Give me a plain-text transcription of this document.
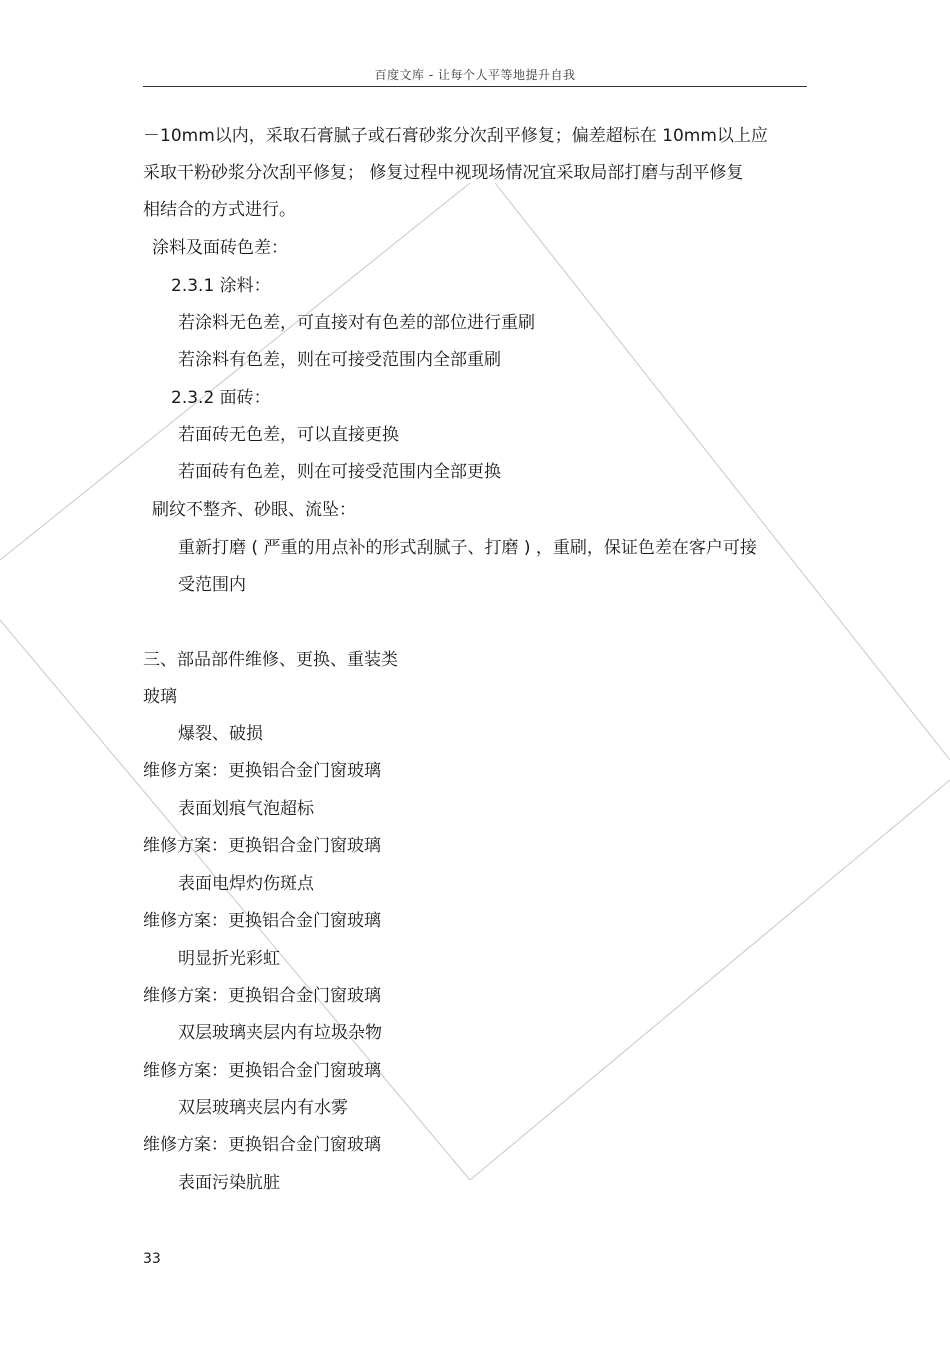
百度文库 - 让每个人平等地提升自我
－10mm以内，采取石膏腻子或石膏砂浆分次刮平修复；偏差超标在 10mm以上应
采取干粉砂浆分次刮平修复； 修复过程中视现场情况宜采取局部打磨与刮平修复
相结合的方式进行。
涂料及面砖色差：
2.3.1 涂料：
若涂料无色差，可直接对有色差的部位进行重刷
若涂料有色差，则在可接受范围内全部重刷
2.3.2 面砖：
若面砖无色差，可以直接更换
若面砖有色差，则在可接受范围内全部更换
刷纹不整齐、砂眼、流坠：
重新打磨 ( 严重的用点补的形式刮腻子、打磨 ) ，重刷，保证色差在客户可接
受范围内
三、部品部件维修、更换、重装类
玻璃
爆裂、破损
维修方案：更换铝合金门窗玻璃
表面划痕气泡超标
维修方案：更换铝合金门窗玻璃
表面电焊灼伤斑点
维修方案：更换铝合金门窗玻璃
明显折光彩虹
维修方案：更换铝合金门窗玻璃
双层玻璃夹层内有垃圾杂物
维修方案：更换铝合金门窗玻璃
双层玻璃夹层内有水雾
维修方案：更换铝合金门窗玻璃
表面污染肮脏
33
